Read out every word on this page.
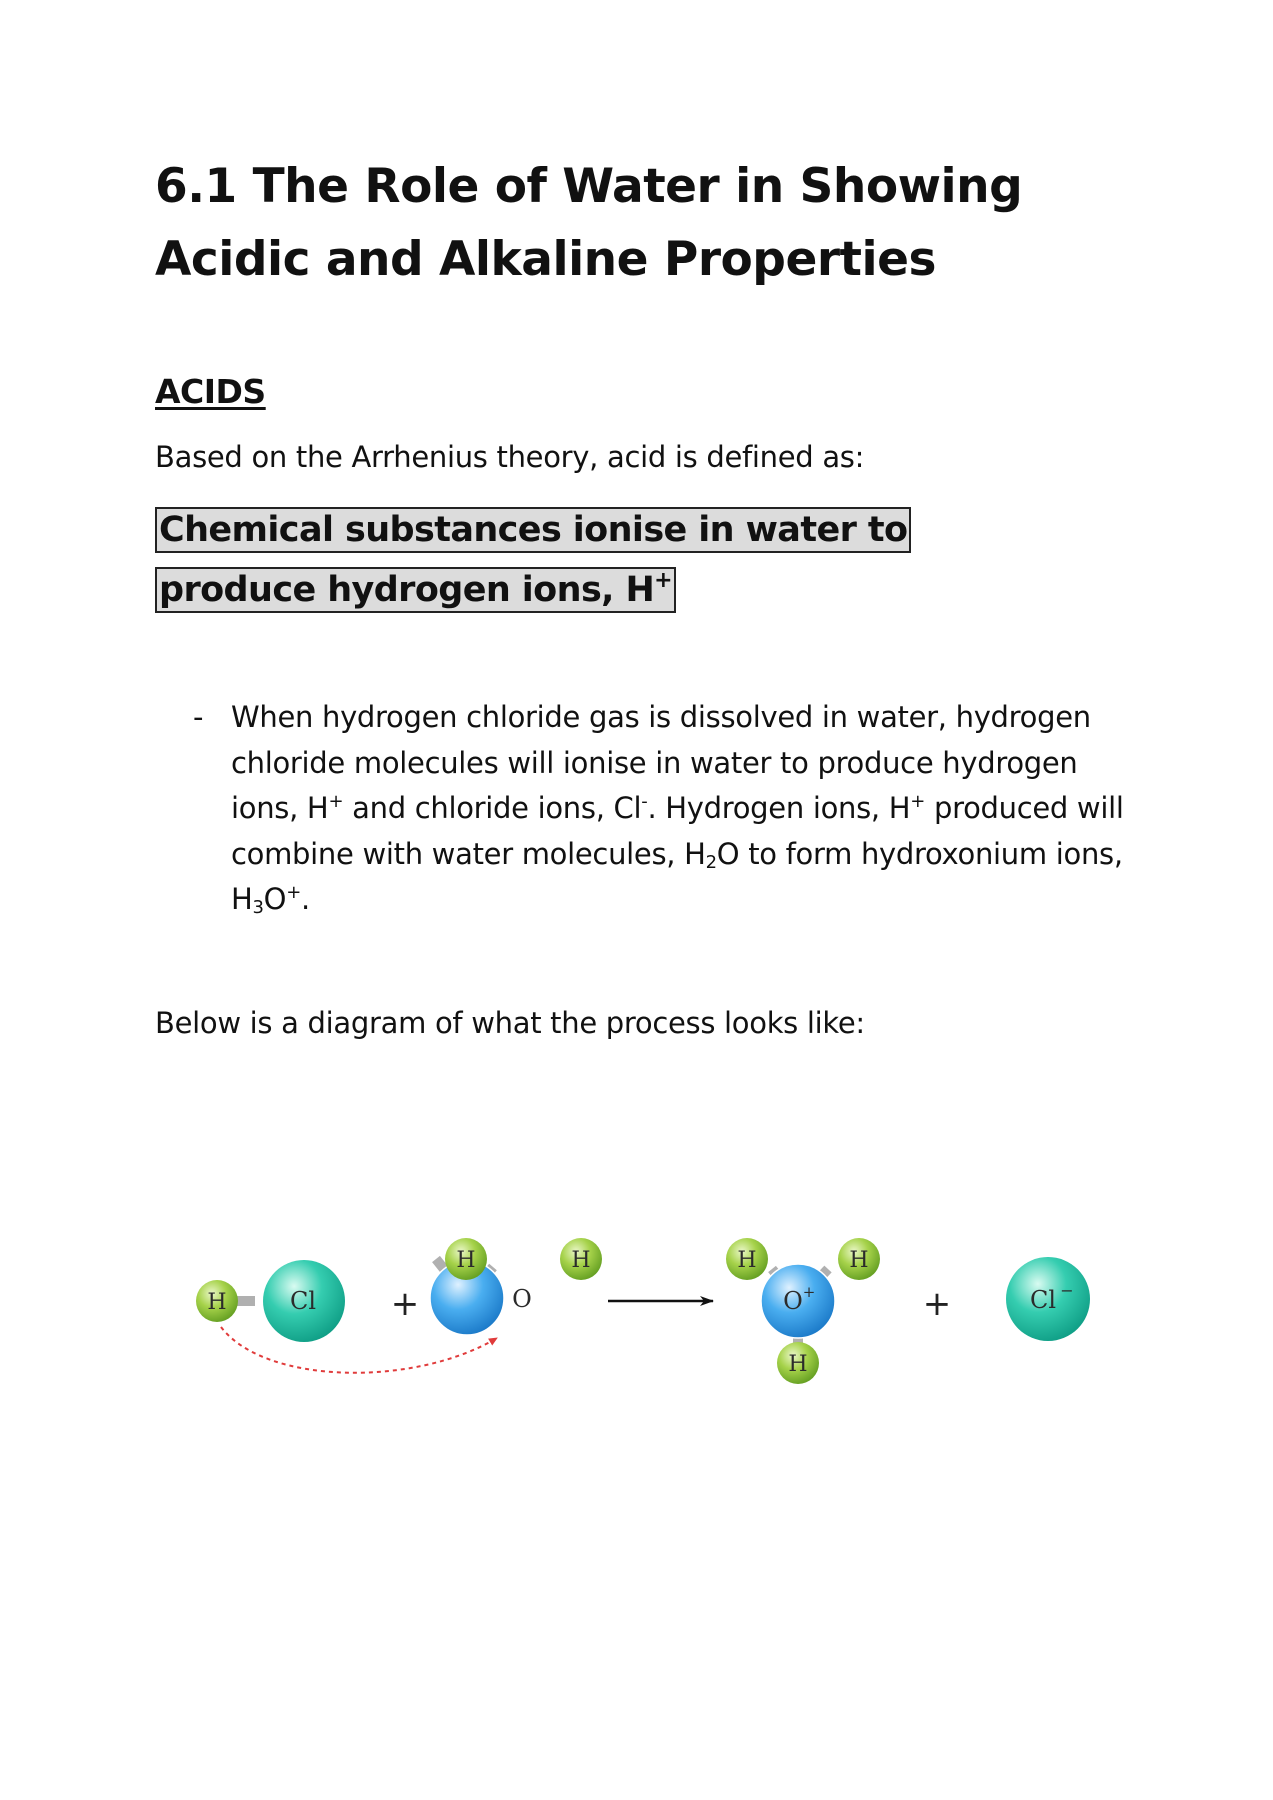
6.1 The Role of Water in Showing Acidic and Alkaline Properties
ACIDS

Based on the Arrhenius theory, acid is defined as:

Chemical substances ionise in water to produce hydrogen ions, H+

- When hydrogen chloride gas is dissolved in water, hydrogen chloride molecules will ionise in water to produce hydrogen ions, H+ and chloride ions, Cl-. Hydrogen ions, H+ produced will combine with water molecules, $H_2O$ to form hydroxonium ions, $H_3O^+$.

Below is a diagram of what the process looks like:

H	Cl +
H	H
O
H	H
H
O +	+	Cl −
